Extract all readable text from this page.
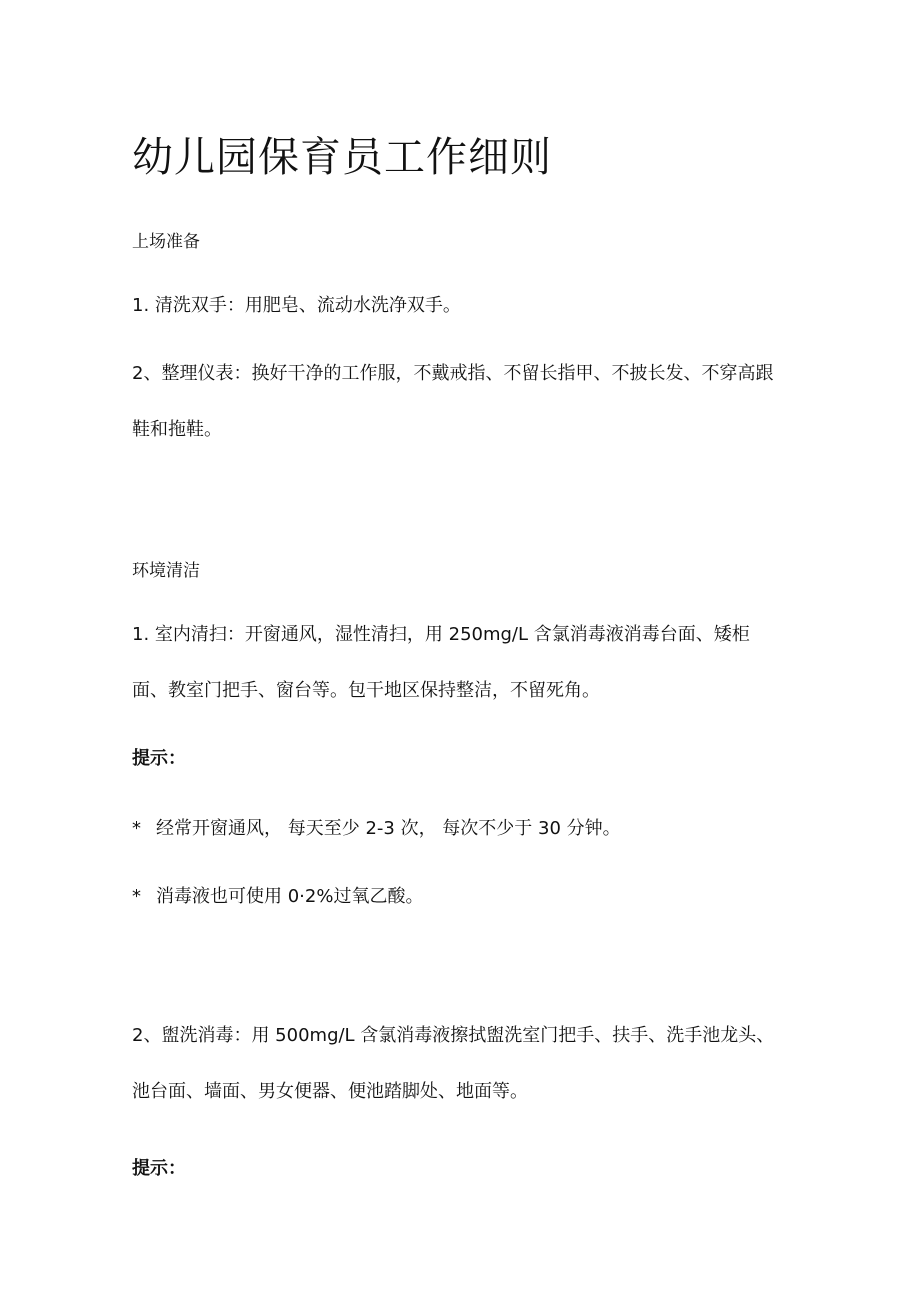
幼儿园保育员工作细则
上场准备
1. 清洗双手：用肥皂、流动水洗净双手。
2、整理仪表：换好干净的工作服，不戴戒指、不留长指甲、不披长发、不穿高跟鞋和拖鞋。
环境清洁
1. 室内清扫：开窗通风，湿性清扫，用 250mg/L 含氯消毒液消毒台面、矮柜面、教室门把手、窗台等。包干地区保持整洁，不留死角。
提示：
* 经常开窗通风， 每天至少 2-3 次， 每次不少于 30 分钟。
* 消毒液也可使用 0·2%过氧乙酸。
2、盥洗消毒：用 500mg/L 含氯消毒液擦拭盥洗室门把手、扶手、洗手池龙头、池台面、墙面、男女便器、便池踏脚处、地面等。
提示：
